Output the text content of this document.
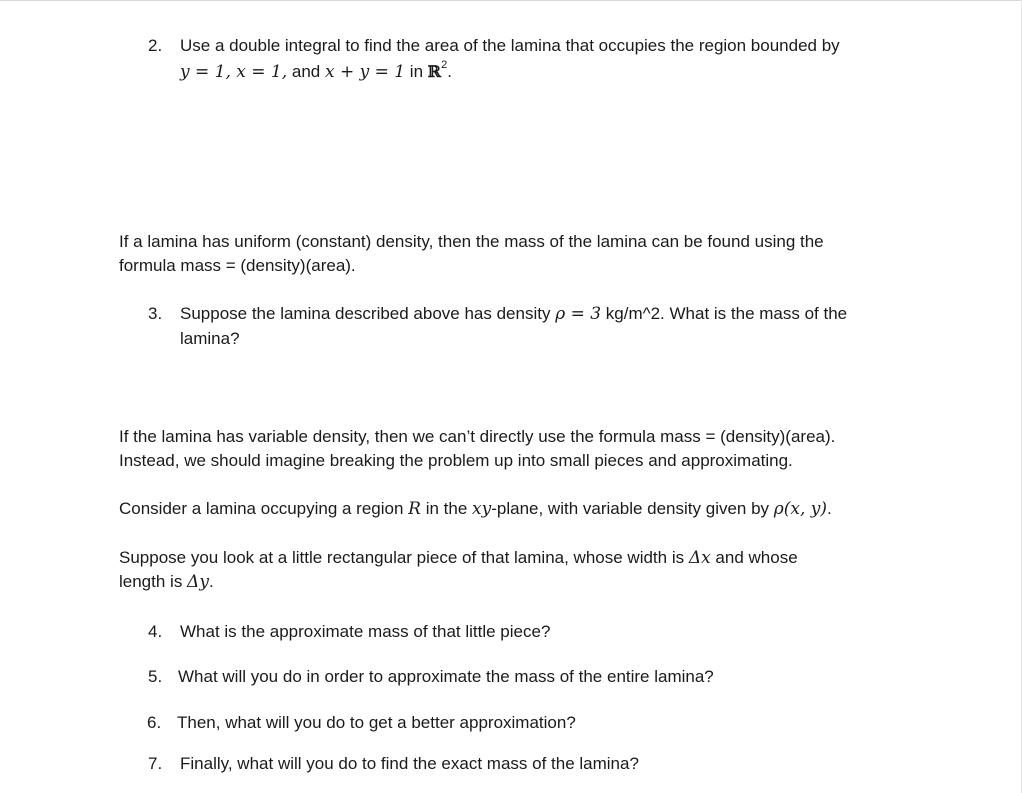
2. Use a double integral to find the area of the lamina that occupies the region bounded by
y = 1, x = 1, and x + y = 1 in ℝ$^2$.
If a lamina has uniform (constant) density, then the mass of the lamina can be found using the
formula mass = (density)(area).
3. Suppose the lamina described above has density ρ = 3 kg/m^2. What is the mass of the
lamina?
If the lamina has variable density, then we can’t directly use the formula mass = (density)(area).
Instead, we should imagine breaking the problem up into small pieces and approximating.
Consider a lamina occupying a region R in the xy-plane, with variable density given by ρ(x, y).
Suppose you look at a little rectangular piece of that lamina, whose width is Δx and whose
length is Δy.
4. What is the approximate mass of that little piece?
5. What will you do in order to approximate the mass of the entire lamina?
6. Then, what will you do to get a better approximation?
7. Finally, what will you do to find the exact mass of the lamina?
